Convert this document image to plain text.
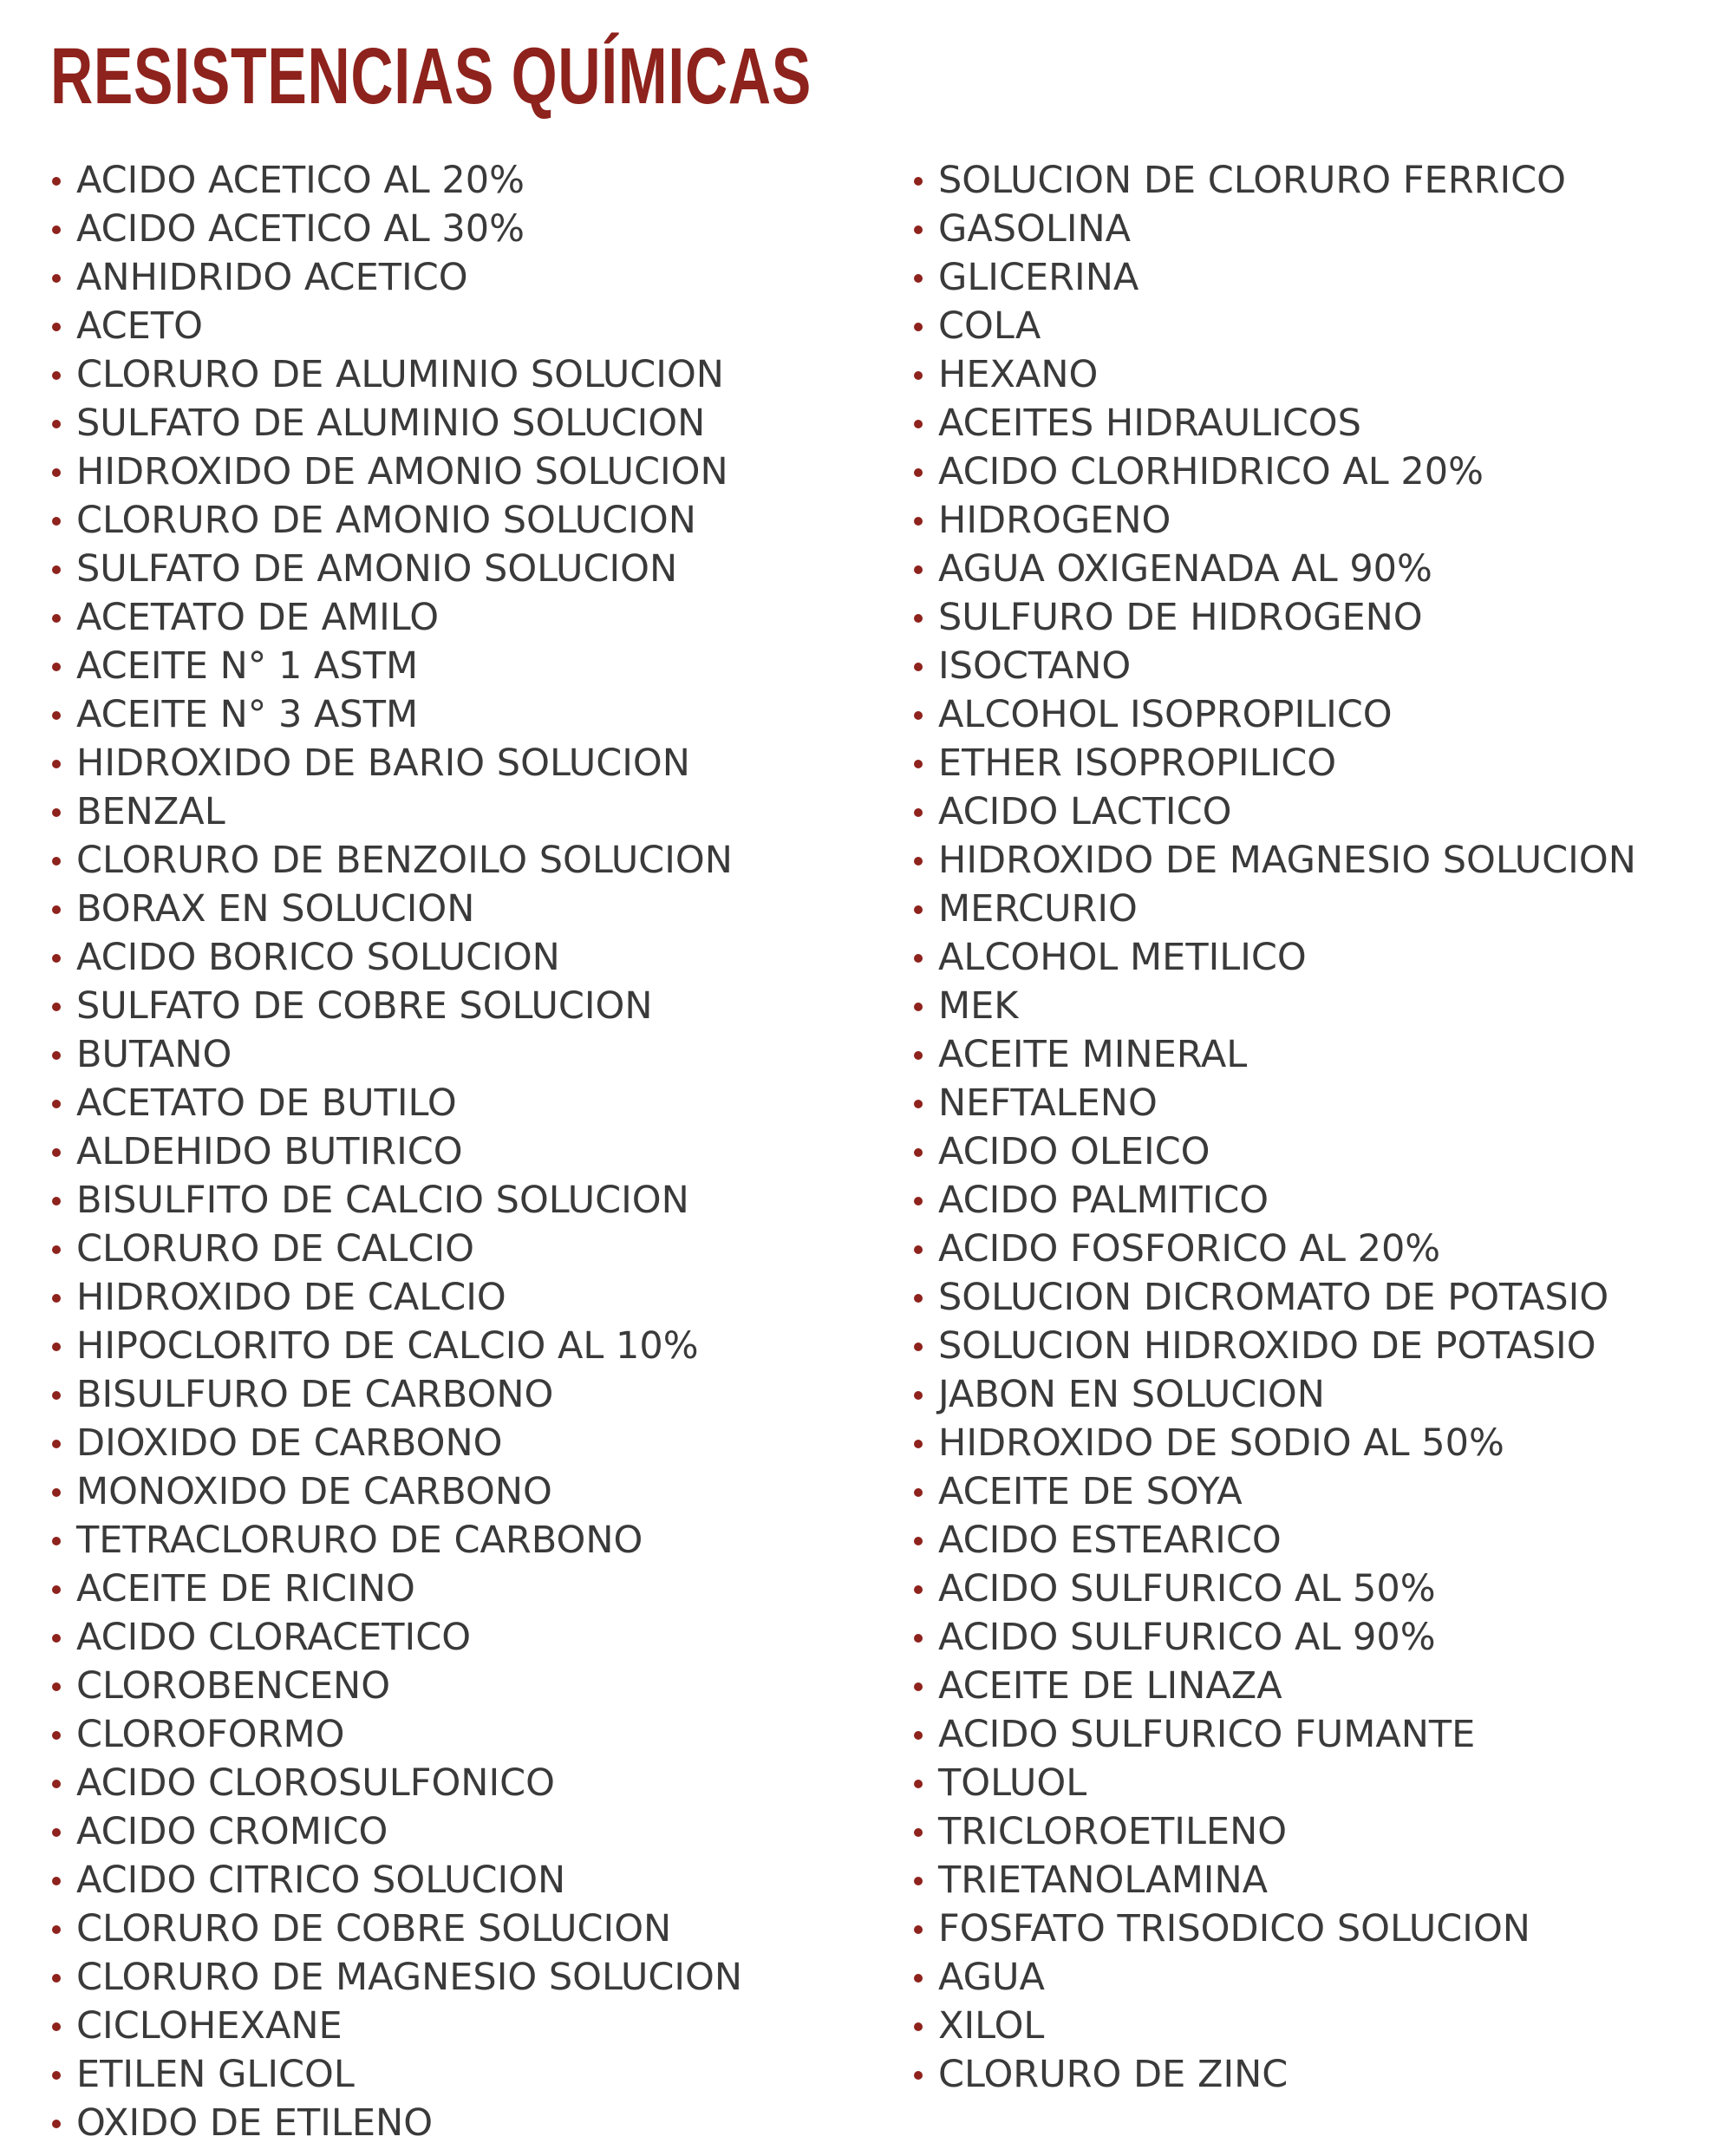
RESISTENCIAS QUÍMICAS
ACIDO ACETICO AL 20%
ACIDO ACETICO AL 30%
ANHIDRIDO ACETICO
ACETO
CLORURO DE ALUMINIO SOLUCION
SULFATO DE ALUMINIO SOLUCION
HIDROXIDO DE AMONIO SOLUCION
CLORURO DE AMONIO SOLUCION
SULFATO DE AMONIO SOLUCION
ACETATO DE AMILO
ACEITE N° 1 ASTM
ACEITE N° 3 ASTM
HIDROXIDO DE BARIO SOLUCION
BENZAL
CLORURO DE BENZOILO SOLUCION
BORAX EN SOLUCION
ACIDO BORICO SOLUCION
SULFATO DE COBRE SOLUCION
BUTANO
ACETATO DE BUTILO
ALDEHIDO BUTIRICO
BISULFITO DE CALCIO SOLUCION
CLORURO DE CALCIO
HIDROXIDO DE CALCIO
HIPOCLORITO DE CALCIO AL 10%
BISULFURO DE CARBONO
DIOXIDO DE CARBONO
MONOXIDO DE CARBONO
TETRACLORURO DE CARBONO
ACEITE DE RICINO
ACIDO CLORACETICO
CLOROBENCENO
CLOROFORMO
ACIDO CLOROSULFONICO
ACIDO CROMICO
ACIDO CITRICO SOLUCION
CLORURO DE COBRE SOLUCION
CLORURO DE MAGNESIO SOLUCION
CICLOHEXANE
ETILEN GLICOL
OXIDO DE ETILENO
SOLUCION DE CLORURO FERRICO
GASOLINA
GLICERINA
COLA
HEXANO
ACEITES HIDRAULICOS
ACIDO CLORHIDRICO AL 20%
HIDROGENO
AGUA OXIGENADA AL 90%
SULFURO DE HIDROGENO
ISOCTANO
ALCOHOL ISOPROPILICO
ETHER ISOPROPILICO
ACIDO LACTICO
HIDROXIDO DE MAGNESIO SOLUCION
MERCURIO
ALCOHOL METILICO
MEK
ACEITE MINERAL
NEFTALENO
ACIDO OLEICO
ACIDO PALMITICO
ACIDO FOSFORICO AL 20%
SOLUCION DICROMATO DE POTASIO
SOLUCION HIDROXIDO DE POTASIO
JABON EN SOLUCION
HIDROXIDO DE SODIO AL 50%
ACEITE DE SOYA
ACIDO ESTEARICO
ACIDO SULFURICO AL 50%
ACIDO SULFURICO AL 90%
ACEITE DE LINAZA
ACIDO SULFURICO FUMANTE
TOLUOL
TRICLOROETILENO
TRIETANOLAMINA
FOSFATO TRISODICO SOLUCION
AGUA
XILOL
CLORURO DE ZINC
